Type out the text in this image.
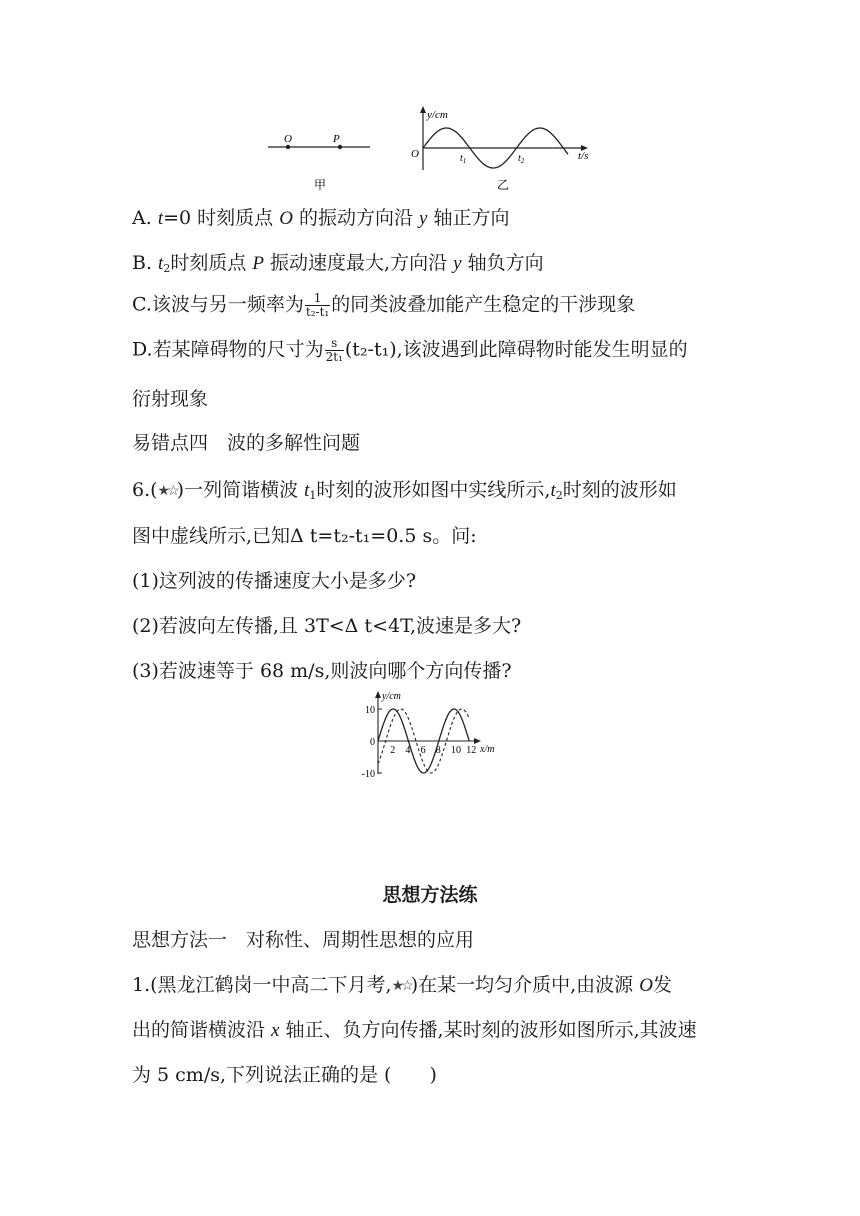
O	P
甲
y/cm
O	t/s
$t_1$	$t_2$
乙
A. t=0 时刻质点 O 的振动方向沿 y 轴正方向
B. $t_2$时刻质点 P 振动速度最大,方向沿 y 轴负方向
C.该波与另一频率为 $\frac{1}{\text{t₂-t₁}}$ 的同类波叠加能产生稳定的干涉现象
D.若某障碍物的尺寸为 $\frac{s}{\text{2t₁}} (t_2-t_1)$,该波遇到此障碍物时能发生明显的
衍射现象
易错点四　波的多解性问题
6.(★☆)一列简谐横波 $t_1$时刻的波形如图中实线所示$,t_2$时刻的波形如
图中虚线所示,已知Δ t=t₂-t₁=0.5 s。问:
(1)这列波的传播速度大小是多少?
(2)若波向左传播,且 3T<Δ t<4T,波速是多大?
(3)若波速等于 68 m/s,则波向哪个方向传播?
y/cm
x/m
2 4 6 8 10 12
10
0
-10
思想方法练
思想方法一　对称性、周期性思想的应用
1.(黑龙江鹤岗一中高二下月考,★☆)在某一均匀介质中,由波源 O发
出的简谐横波沿 x 轴正、负方向传播,某时刻的波形如图所示,其波速
为 5 cm/s,下列说法正确的是 (　　)
